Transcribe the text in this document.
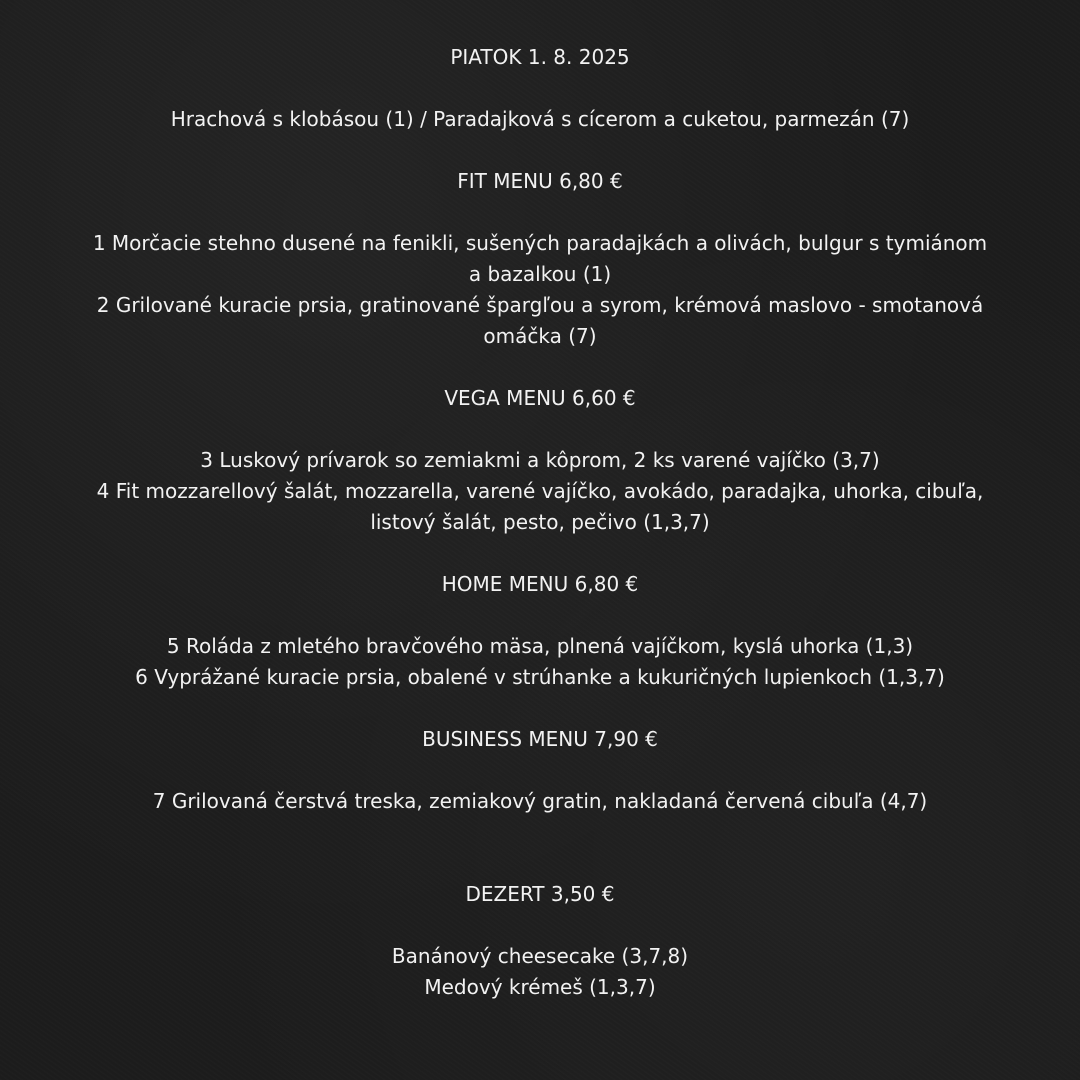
PIATOK 1. 8. 2025
Hrachová s klobásou (1) / Paradajková s cícerom a cuketou, parmezán (7)
FIT MENU 6,80 €
1 Morčacie stehno dusené na fenikli, sušených paradajkách a olivách, bulgur s tymiánom
a bazalkou (1)
2 Grilované kuracie prsia, gratinované špargľou a syrom, krémová maslovo - smotanová
omáčka (7)
VEGA MENU 6,60 €
3 Luskový prívarok so zemiakmi a kôprom, 2 ks varené vajíčko (3,7)
4 Fit mozzarellový šalát, mozzarella, varené vajíčko, avokádo, paradajka, uhorka, cibuľa,
listový šalát, pesto, pečivo (1,3,7)
HOME MENU 6,80 €
5 Roláda z mletého bravčového mäsa, plnená vajíčkom, kyslá uhorka (1,3)
6 Vyprážané kuracie prsia, obalené v strúhanke a kukuričných lupienkoch (1,3,7)
BUSINESS MENU 7,90 €
7 Grilovaná čerstvá treska, zemiakový gratin, nakladaná červená cibuľa (4,7)
DEZERT 3,50 €
Banánový cheesecake (3,7,8)
Medový krémeš (1,3,7)
